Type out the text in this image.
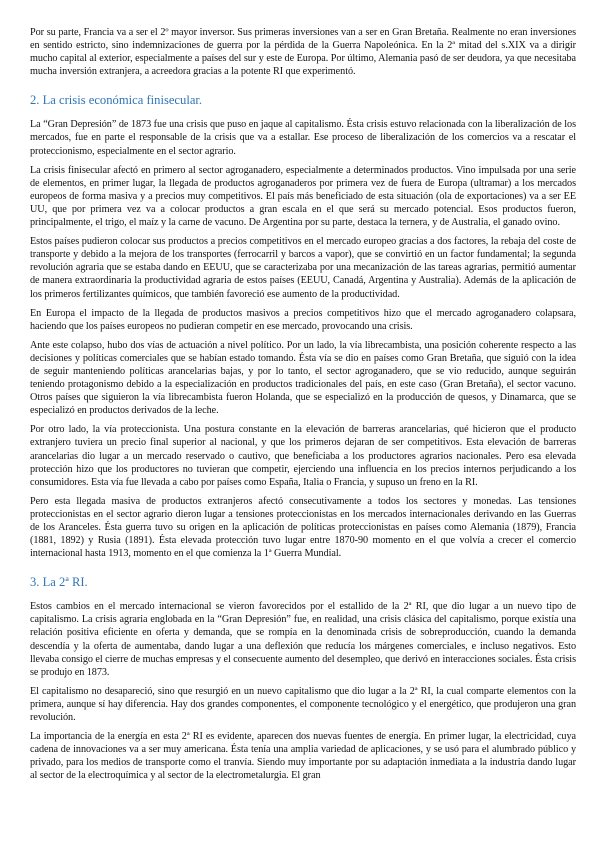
Por su parte, Francia va a ser el 2º mayor inversor. Sus primeras inversiones van a ser en Gran Bretaña. Realmente no eran inversiones en sentido estricto, sino indemnizaciones de guerra por la pérdida de la Guerra Napoleónica. En la 2ª mitad del s.XIX va a dirigir mucho capital al exterior, especialmente a países del sur y este de Europa. Por último, Alemania pasó de ser deudora, ya que necesitaba mucha inversión extranjera, a acreedora gracias a la potente RI que experimentó.

2. La crisis económica finisecular.

La “Gran Depresión” de 1873 fue una crisis que puso en jaque al capitalismo. Ésta crisis estuvo relacionada con la liberalización de los mercados, fue en parte el responsable de la crisis que va a estallar. Ese proceso de liberalización de los comercios va a rescatar el proteccionismo, especialmente en el sector agrario.

La crisis finisecular afectó en primero al sector agroganadero, especialmente a determinados productos. Vino impulsada por una serie de elementos, en primer lugar, la llegada de productos agroganaderos por primera vez de fuera de Europa (ultramar) a los mercados europeos de forma masiva y a precios muy competitivos. El país más beneficiado de esta situación (ola de exportaciones) va a ser EE UU, que por primera vez va a colocar productos a gran escala en el que será su mercado potencial. Esos productos fueron, principalmente, el trigo, el maíz y la carne de vacuno. De Argentina por su parte, destaca la ternera, y de Australia, el ganado ovino.

Estos países pudieron colocar sus productos a precios competitivos en el mercado europeo gracias a dos factores, la rebaja del coste de transporte y debido a la mejora de los transportes (ferrocarril y barcos a vapor), que se convirtió en un factor fundamental; la segunda revolución agraria que se estaba dando en EEUU, que se caracterizaba por una mecanización de las tareas agrarias, permitió aumentar de manera extraordinaria la productividad agraria de estos países (EEUU, Canadá, Argentina y Australia). Además de la aplicación de los primeros fertilizantes químicos, que también favoreció ese aumento de la productividad.

En Europa el impacto de la llegada de productos masivos a precios competitivos hizo que el mercado agroganadero colapsara, haciendo que los países europeos no pudieran competir en ese mercado, provocando una crisis.

Ante este colapso, hubo dos vías de actuación a nivel político. Por un lado, la vía librecambista, una posición coherente respecto a las decisiones y políticas comerciales que se habían estado tomando. Ésta vía se dio en países como Gran Bretaña, que siguió con la idea de seguir manteniendo políticas arancelarias bajas, y por lo tanto, el sector agroganadero, que se vio reducido, aunque seguirán teniendo protagonismo debido a la especialización en productos tradicionales del país, en este caso (Gran Bretaña), el sector vacuno. Otros países que siguieron la vía librecambista fueron Holanda, que se especializó en la producción de quesos, y Dinamarca, que se especializó en productos derivados de la leche.

Por otro lado, la vía proteccionista. Una postura constante en la elevación de barreras arancelarias, qué hicieron que el producto extranjero tuviera un precio final superior al nacional, y que los primeros dejaran de ser competitivos. Esta elevación de barreras arancelarias dio lugar a un mercado reservado o cautivo, que beneficiaba a los productores agrarios nacionales. Pero esa elevada protección hizo que los productores no tuvieran que competir, ejerciendo una influencia en los precios internos perjudicando a los consumidores. Esta vía fue llevada a cabo por países como España, Italia o Francia, y supuso un freno en la RI.

Pero esta llegada masiva de productos extranjeros afectó consecutivamente a todos los sectores y monedas. Las tensiones proteccionistas en el sector agrario dieron lugar a tensiones proteccionistas en los mercados internacionales derivando en las Guerras de los Aranceles. Ésta guerra tuvo su origen en la aplicación de políticas proteccionistas en países como Alemania (1879), Francia (1881, 1892) y Rusia (1891). Ésta elevada protección tuvo lugar entre 1870-90 momento en el que volvía a crecer el comercio internacional hasta 1913, momento en el que comienza la 1ª Guerra Mundial.

3. La 2ª RI.

Estos cambios en el mercado internacional se vieron favorecidos por el estallido de la 2ª RI, que dio lugar a un nuevo tipo de capitalismo. La crisis agraria englobada en la “Gran Depresión” fue, en realidad, una crisis clásica del capitalismo, porque existía una relación positiva eficiente en oferta y demanda, que se rompía en la denominada crisis de sobreproducción, cuando la demanda descendía y la oferta de aumentaba, dando lugar a una deflexión que reducía los márgenes comerciales, e incluso negativos. Esto llevaba consigo el cierre de muchas empresas y el consecuente aumento del desempleo, que derivó en interacciones sociales. Ésta crisis se produjo en 1873.

El capitalismo no desapareció, sino que resurgió en un nuevo capitalismo que dio lugar a la 2ª RI, la cual comparte elementos con la primera, aunque sí hay diferencia. Hay dos grandes componentes, el componente tecnológico y el energético, que produjeron una gran revolución.

La importancia de la energía en esta 2ª RI es evidente, aparecen dos nuevas fuentes de energía. En primer lugar, la electricidad, cuya cadena de innovaciones va a ser muy americana. Ésta tenía una amplia variedad de aplicaciones, y se usó para el alumbrado público y privado, para los medios de transporte como el tranvía. Siendo muy importante por su adaptación inmediata a la industria dando lugar al sector de la electroquímica y al sector de la electrometalurgia. El gran
